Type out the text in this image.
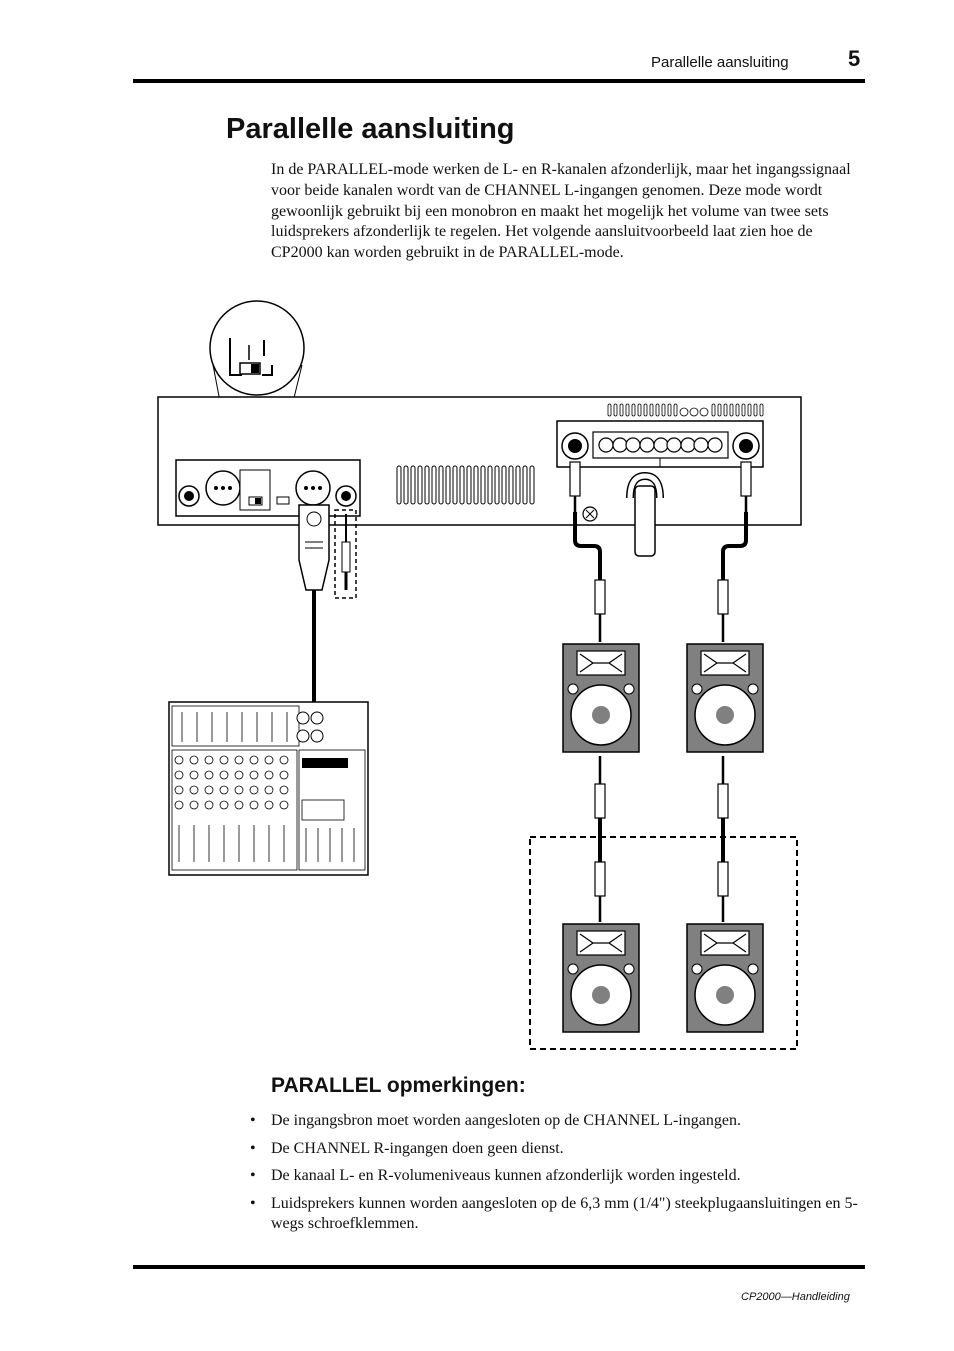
Parallelle aansluiting	5
Parallelle aansluiting

In de PARALLEL-mode werken de L- en R-kanalen afzonderlijk, maar het ingangssignaal voor beide kanalen wordt van de CHANNEL L-ingangen genomen. Deze mode wordt gewoonlijk gebruikt bij een monobron en maakt het mogelijk het volume van twee sets luidsprekers afzonderlijk te regelen. Het volgende aansluitvoorbeeld laat zien hoe de CP2000 kan worden gebruikt in de PARALLEL-mode.

PARALLEL opmerkingen:
• De ingangsbron moet worden aangesloten op de CHANNEL L-ingangen.
• De CHANNEL R-ingangen doen geen dienst.
• De kanaal L- en R-volumeniveaus kunnen afzonderlijk worden ingesteld.
• Luidsprekers kunnen worden aangesloten op de 6,3 mm (1/4") steekplugaansluitingen en 5-wegs schroefklemmen.
CP2000—Handleiding
